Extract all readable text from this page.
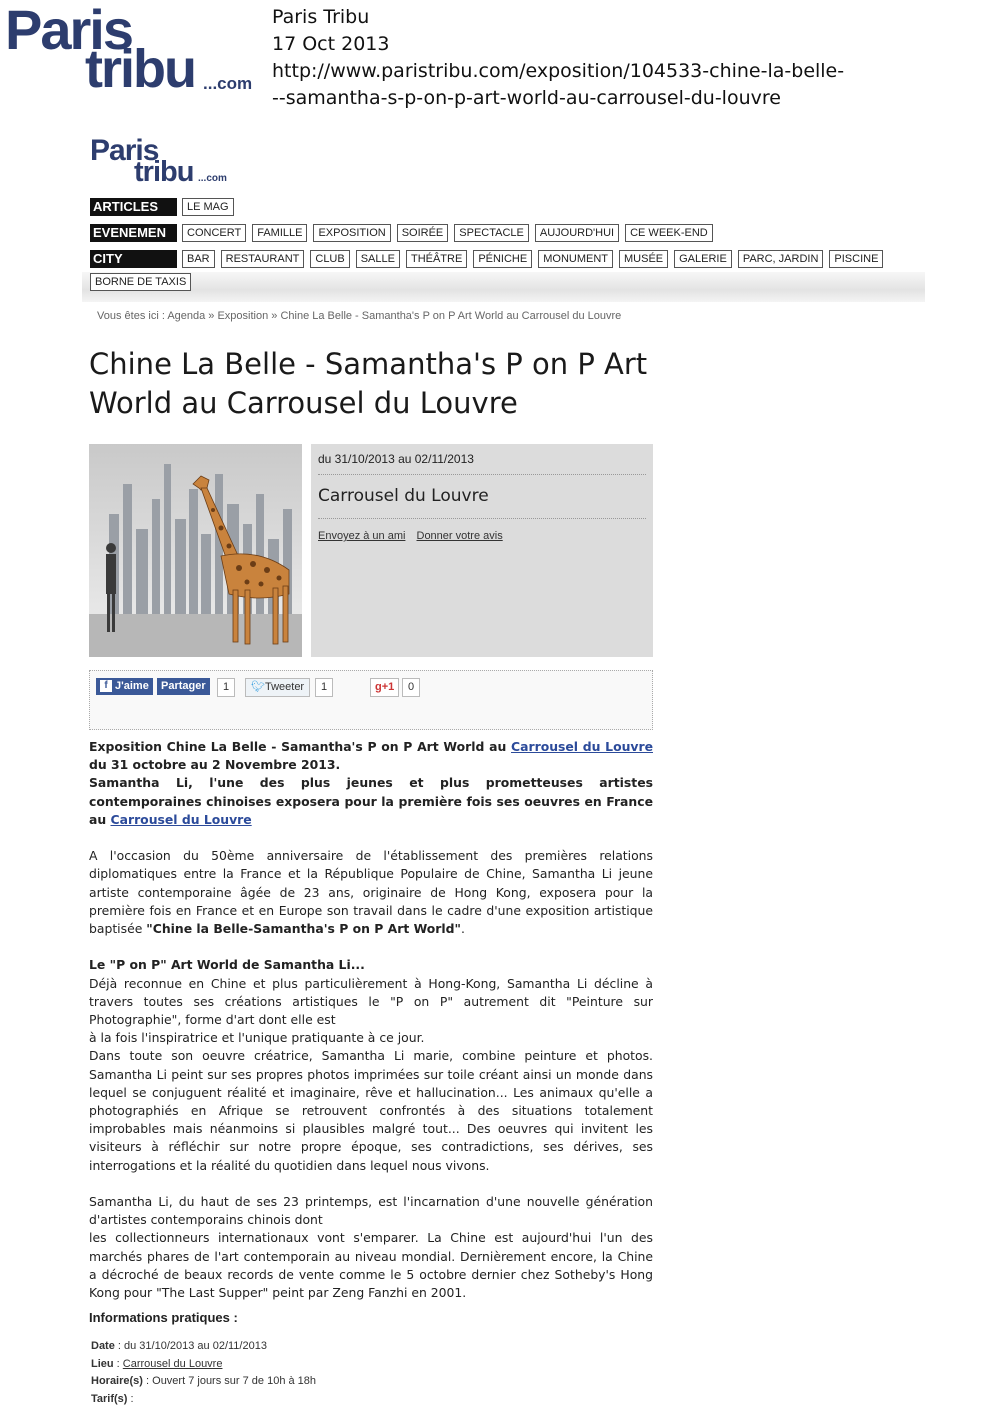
Paris
tribu ...com
Paris Tribu
17 Oct 2013
http://www.paristribu.com/exposition/104533-chine-la-belle-
--samantha-s-p-on-p-art-world-au-carrousel-du-louvre
Paris
tribu ...com
ARTICLES	LE MAG
EVENEMEN	CONCERT	FAMILLE	EXPOSITION	SOIRÉE	SPECTACLE	AUJOURD'HUI	CE WEEK-END
CITY	BAR	RESTAURANT	CLUB	SALLE	THÉÂTRE	PÉNICHE	MONUMENT	MUSÉE	GALERIE	PARC, JARDIN	PISCINE
BORNE DE TAXIS
Vous êtes ici : Agenda » Exposition » Chine La Belle - Samantha's P on P Art World au Carrousel du Louvre
Chine La Belle - Samantha's P on P Art World au Carrousel du Louvre
du 31/10/2013 au 02/11/2013
Carrousel du Louvre
Envoyez à un ami Donner votre avis
f J'aime	Partager	1	🐦︎Tweeter	1	g+1	0

Exposition Chine La Belle - Samantha's P on P Art World au Carrousel du Louvre du 31 octobre au 2 Novembre 2013.

Samantha Li, l'une des plus jeunes et plus prometteuses artistes contemporaines chinoises exposera pour la première fois ses oeuvres en France au Carrousel du Louvre

A l'occasion du 50ème anniversaire de l'établissement des premières relations diplomatiques entre la France et la République Populaire de Chine, Samantha Li jeune artiste contemporaine âgée de 23 ans, originaire de Hong Kong, exposera pour la première fois en France et en Europe son travail dans le cadre d'une exposition artistique baptisée "Chine la Belle-Samantha's P on P Art World".

Le "P on P" Art World de Samantha Li...

Déjà reconnue en Chine et plus particulièrement à Hong-Kong, Samantha Li décline à travers toutes ses créations artistiques le "P on P" autrement dit "Peinture sur Photographie", forme d'art dont elle est

à la fois l'inspiratrice et l'unique pratiquante à ce jour.

Dans toute son oeuvre créatrice, Samantha Li marie, combine peinture et photos. Samantha Li peint sur ses propres photos imprimées sur toile créant ainsi un monde dans lequel se conjuguent réalité et imaginaire, rêve et hallucination... Les animaux qu'elle a photographiés en Afrique se retrouvent confrontés à des situations totalement improbables mais néanmoins si plausibles malgré tout... Des oeuvres qui invitent les visiteurs à réfléchir sur notre propre époque, ses contradictions, ses dérives, ses interrogations et la réalité du quotidien dans lequel nous vivons.

Samantha Li, du haut de ses 23 printemps, est l'incarnation d'une nouvelle génération d'artistes contemporains chinois dont

les collectionneurs internationaux vont s'emparer. La Chine est aujourd'hui l'un des marchés phares de l'art contemporain au niveau mondial. Dernièrement encore, la Chine a décroché de beaux records de vente comme le 5 octobre dernier chez Sotheby's Hong Kong pour "The Last Supper" peint par Zeng Fanzhi en 2001.

Informations pratiques :
Date : du 31/10/2013 au 02/11/2013
Lieu : Carrousel du Louvre
Horaire(s) : Ouvert 7 jours sur 7 de 10h à 18h
Tarif(s) :
